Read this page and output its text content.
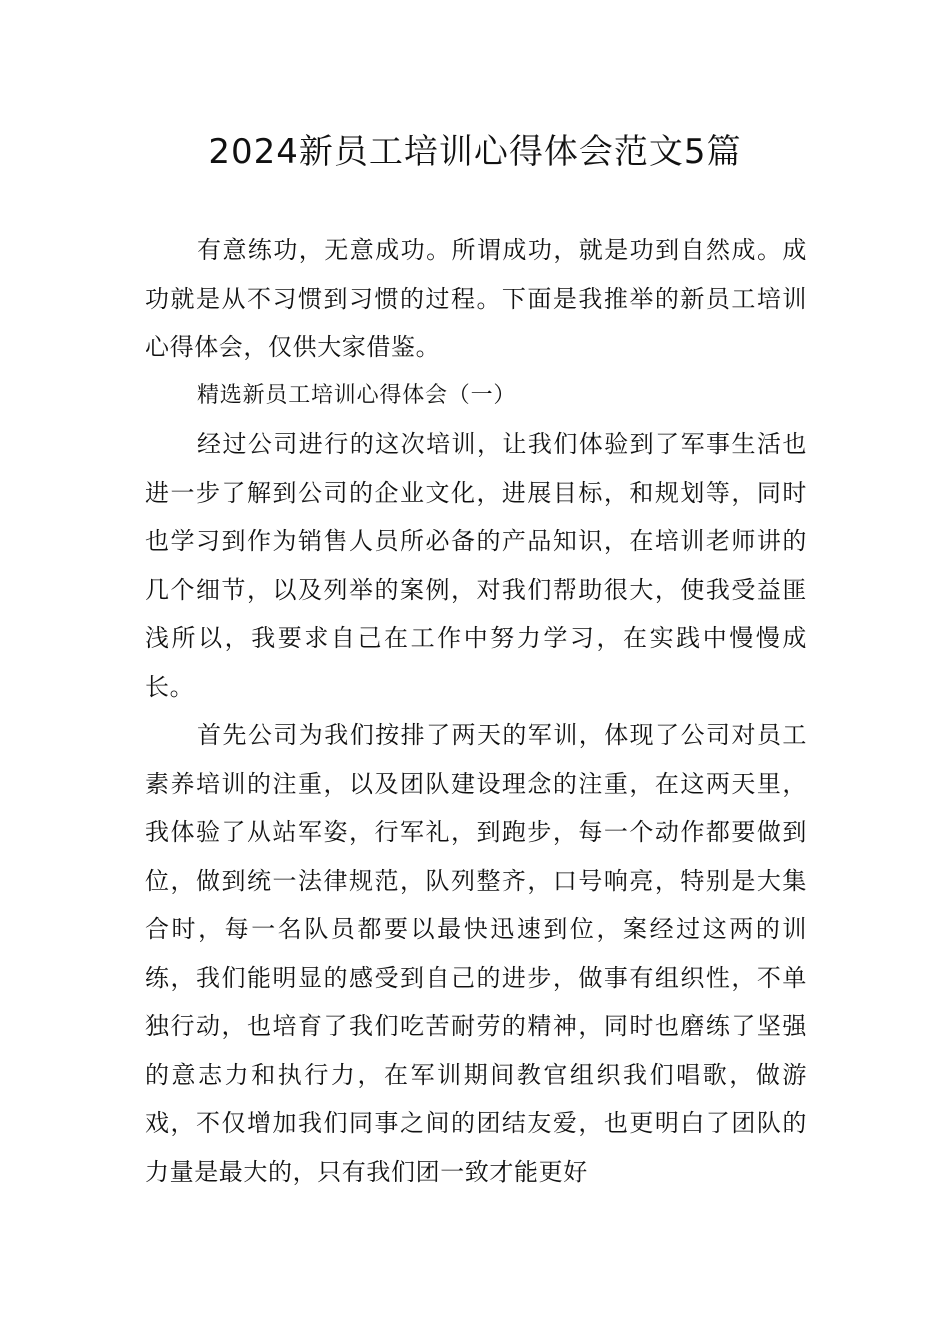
2024新员工培训心得体会范文5篇

有意练功，无意成功。所谓成功，就是功到自然成。成功就是从不习惯到习惯的过程。下面是我推举的新员工培训心得体会，仅供大家借鉴。

精选新员工培训心得体会（一）

经过公司进行的这次培训，让我们体验到了军事生活也进一步了解到公司的企业文化，进展目标，和规划等，同时也学习到作为销售人员所必备的产品知识，在培训老师讲的几个细节，以及列举的案例，对我们帮助很大，使我受益匪浅所以，我要求自己在工作中努力学习，在实践中慢慢成长。

首先公司为我们按排了两天的军训，体现了公司对员工素养培训的注重，以及团队建设理念的注重，在这两天里，我体验了从站军姿，行军礼，到跑步，每一个动作都要做到位，做到统一法律规范，队列整齐，口号响亮，特别是大集合时，每一名队员都要以最快迅速到位，案经过这两的训练，我们能明显的感受到自己的进步，做事有组织性，不单独行动，也培育了我们吃苦耐劳的精神，同时也磨练了坚强的意志力和执行力，在军训期间教官组织我们唱歌，做游戏，不仅增加我们同事之间的团结友爱，也更明白了团队的力量是最大的，只有我们团一致才能更好
